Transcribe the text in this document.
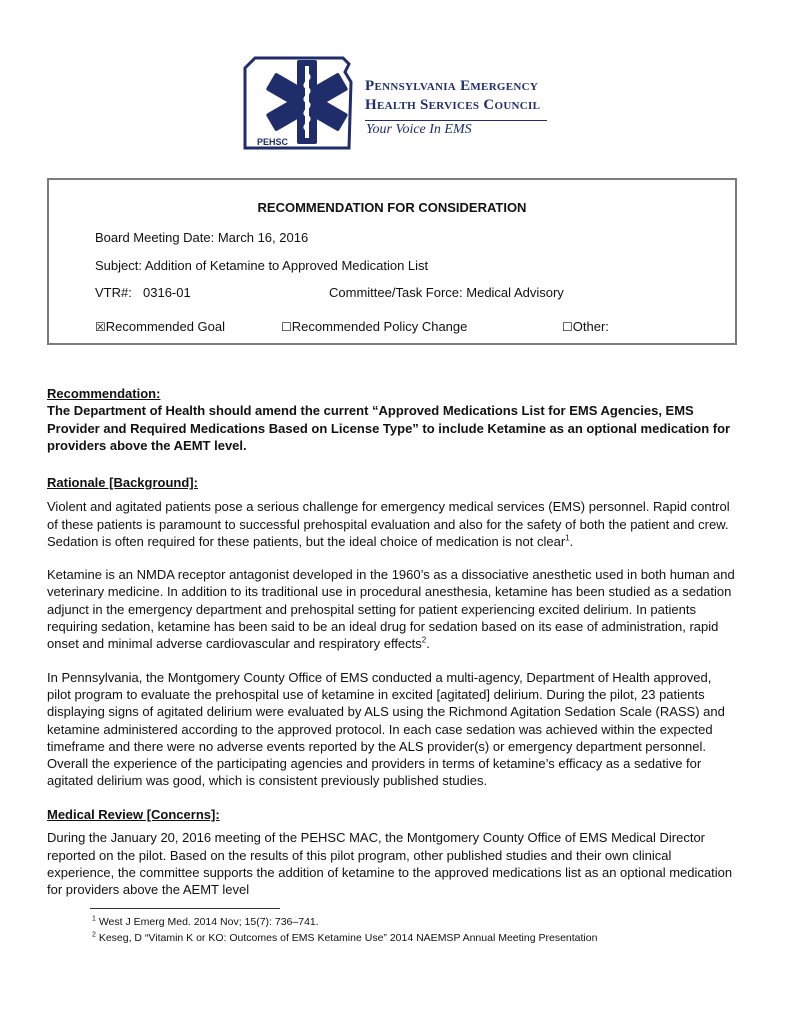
PEHSC
Pennsylvania Emergency
Health Services Council
Your Voice In EMS
RECOMMENDATION FOR CONSIDERATION
Board Meeting Date: March 16, 2016
Subject: Addition of Ketamine to Approved Medication List
VTR#: 0316-01	Committee/Task Force: Medical Advisory
☒Recommended Goal	☐Recommended Policy Change	☐Other:
Recommendation:
The Department of Health should amend the current “Approved Medications List for EMS Agencies, EMS Provider and Required Medications Based on License Type” to include Ketamine as an optional medication for providers above the AEMT level.
Rationale [Background]:
Violent and agitated patients pose a serious challenge for emergency medical services (EMS) personnel. Rapid control of these patients is paramount to successful prehospital evaluation and also for the safety of both the patient and crew. Sedation is often required for these patients, but the ideal choice of medication is not clear$^1$.
Ketamine is an NMDA receptor antagonist developed in the 1960’s as a dissociative anesthetic used in both human and veterinary medicine. In addition to its traditional use in procedural anesthesia, ketamine has been studied as a sedation adjunct in the emergency department and prehospital setting for patient experiencing excited delirium. In patients requiring sedation, ketamine has been said to be an ideal drug for sedation based on its ease of administration, rapid onset and minimal adverse cardiovascular and respiratory effects$^2$.
In Pennsylvania, the Montgomery County Office of EMS conducted a multi-agency, Department of Health approved, pilot program to evaluate the prehospital use of ketamine in excited [agitated] delirium. During the pilot, 23 patients displaying signs of agitated delirium were evaluated by ALS using the Richmond Agitation Sedation Scale (RASS) and ketamine administered according to the approved protocol. In each case sedation was achieved within the expected timeframe and there were no adverse events reported by the ALS provider(s) or emergency department personnel. Overall the experience of the participating agencies and providers in terms of ketamine’s efficacy as a sedative for agitated delirium was good, which is consistent previously published studies.
Medical Review [Concerns]:
During the January 20, 2016 meeting of the PEHSC MAC, the Montgomery County Office of EMS Medical Director reported on the pilot. Based on the results of this pilot program, other published studies and their own clinical experience, the committee supports the addition of ketamine to the approved medications list as an optional medication for providers above the AEMT level
$^1$ West J Emerg Med. 2014 Nov; 15(7): 736–741.
$^2$ Keseg, D “Vitamin K or KO: Outcomes of EMS Ketamine Use” 2014 NAEMSP Annual Meeting Presentation
